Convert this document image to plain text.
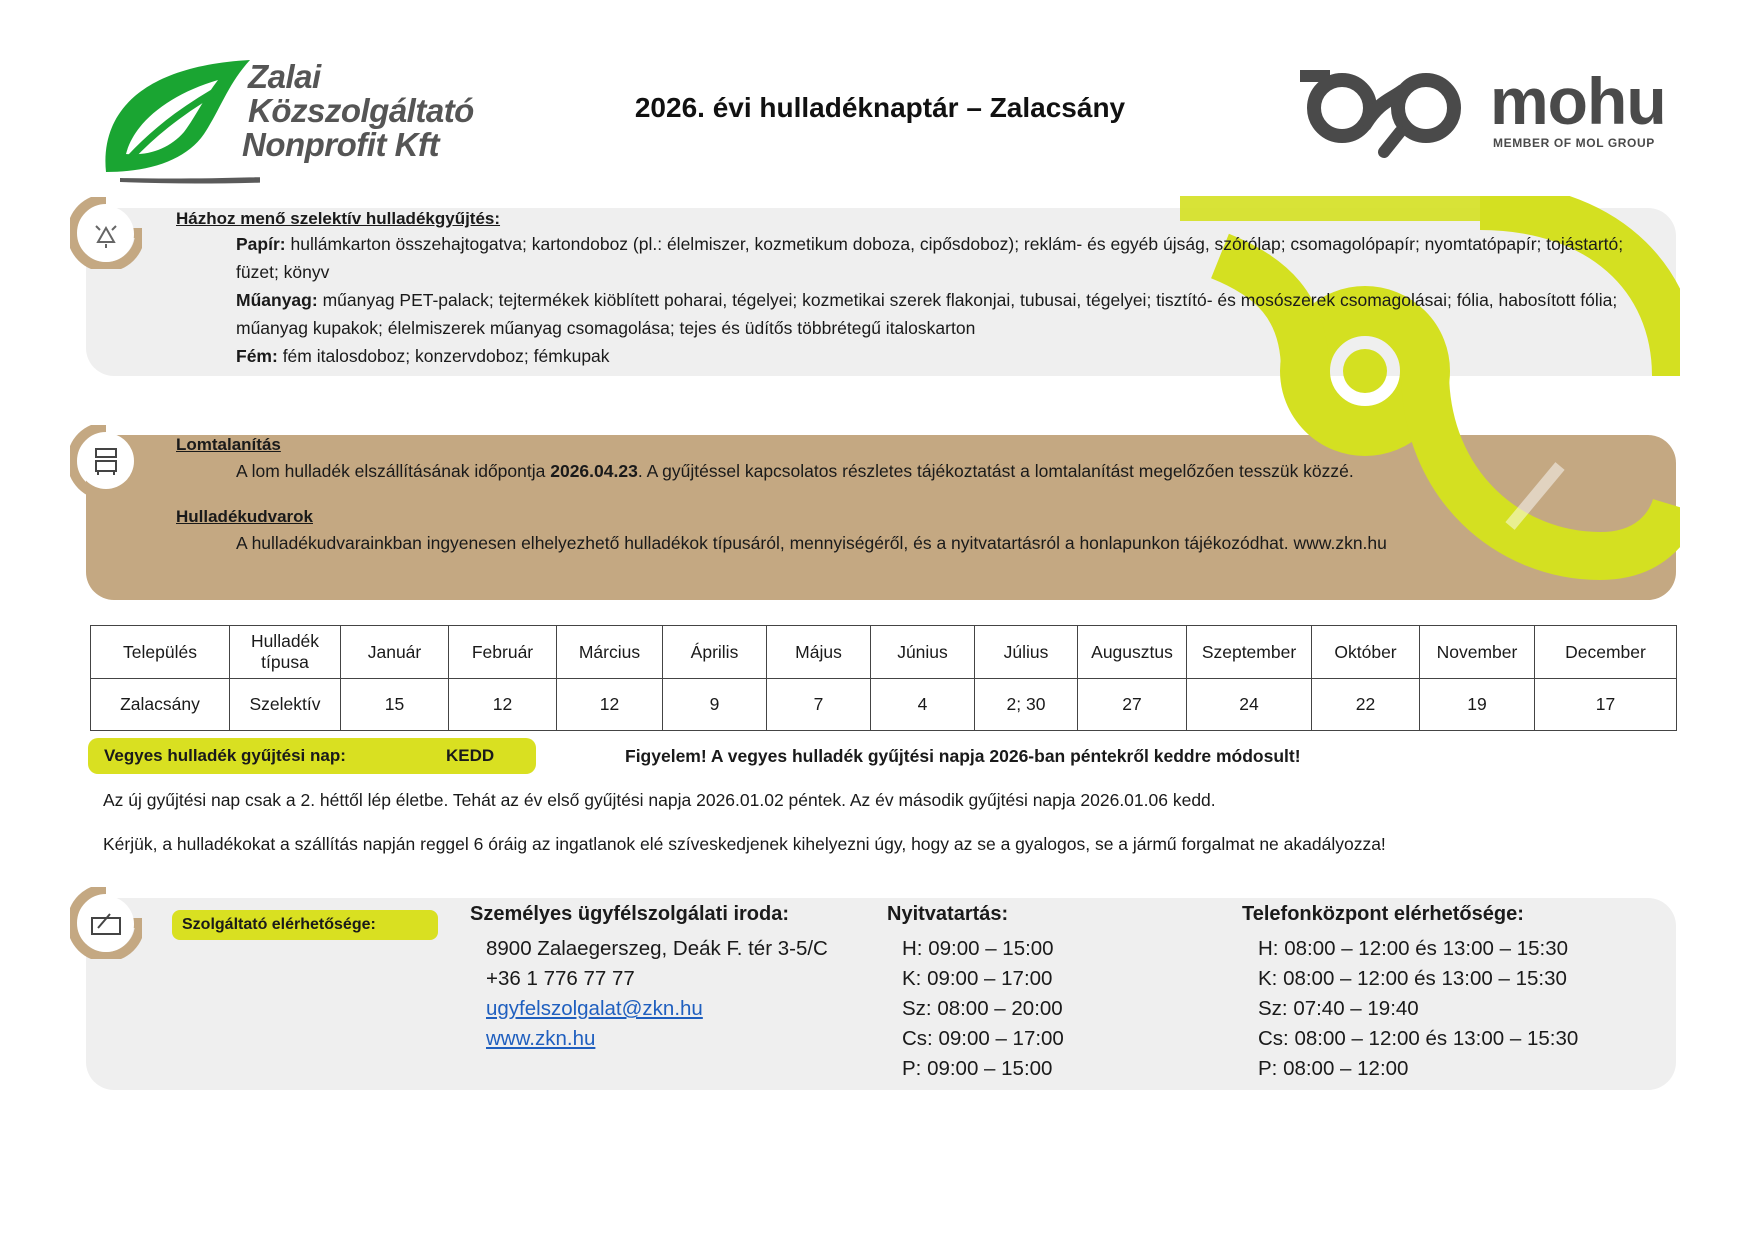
Zalai
Közszolgáltató
Nonprofit Kft
2026. évi hulladéknaptár – Zalacsány	mohu
MEMBER OF MOL GROUP
Házhoz menő szelektív hulladékgyűjtés:
Papír: hullámkarton összehajtogatva; kartondoboz (pl.: élelmiszer, kozmetikum doboza, cipősdoboz); reklám- és egyéb újság, szórólap; csomagolópapír; nyomtatópapír; tojástartó; füzet; könyv
Műanyag: műanyag PET-palack; tejtermékek kiöblített poharai, tégelyei; kozmetikai szerek flakonjai, tubusai, tégelyei; tisztító- és mosószerek csomagolásai; fólia, habosított fólia; műanyag kupakok; élelmiszerek műanyag csomagolása; tejes és üdítős többrétegű italoskarton
Fém: fém italosdoboz; konzervdoboz; fémkupak
Lomtalanítás
A lom hulladék elszállításának időpontja 2026.04.23. A gyűjtéssel kapcsolatos részletes tájékoztatást a lomtalanítást megelőzően tesszük közzé.
Hulladékudvarok
A hulladékudvarainkban ingyenesen elhelyezhető hulladékok típusáról, mennyiségéről, és a nyitvatartásról a honlapunkon tájékozódhat. www.zkn.hu
Település	Hulladék típusa	Január	Február	Március	Április	Május	Június	Július	Augusztus	Szeptember	Október	November	December
Zalacsány	Szelektív	15	12	12	9	7	4	2; 30	27	24	22	19	17
Vegyes hulladék gyűjtési nap:	KEDD	Figyelem! A vegyes hulladék gyűjtési napja 2026-ban péntekről keddre módosult!
Az új gyűjtési nap csak a 2. héttől lép életbe. Tehát az év első gyűjtési napja 2026.01.02 péntek. Az év második gyűjtési napja 2026.01.06 kedd.
Kérjük, a hulladékokat a szállítás napján reggel 6 óráig az ingatlanok elé szíveskedjenek kihelyezni úgy, hogy az se a gyalogos, se a jármű forgalmat ne akadályozza!
Szolgáltató elérhetősége:	Személyes ügyfélszolgálati iroda:
8900 Zalaegerszeg, Deák F. tér 3-5/C
+36 1 776 77 77
ugyfelszolgalat@zkn.hu
www.zkn.hu
Nyitvatartás:
H: 09:00 – 15:00
K: 09:00 – 17:00
Sz: 08:00 – 20:00
Cs: 09:00 – 17:00
P: 09:00 – 15:00
Telefonközpont elérhetősége:
H: 08:00 – 12:00 és 13:00 – 15:30
K: 08:00 – 12:00 és 13:00 – 15:30
Sz: 07:40 – 19:40
Cs: 08:00 – 12:00 és 13:00 – 15:30
P: 08:00 – 12:00
